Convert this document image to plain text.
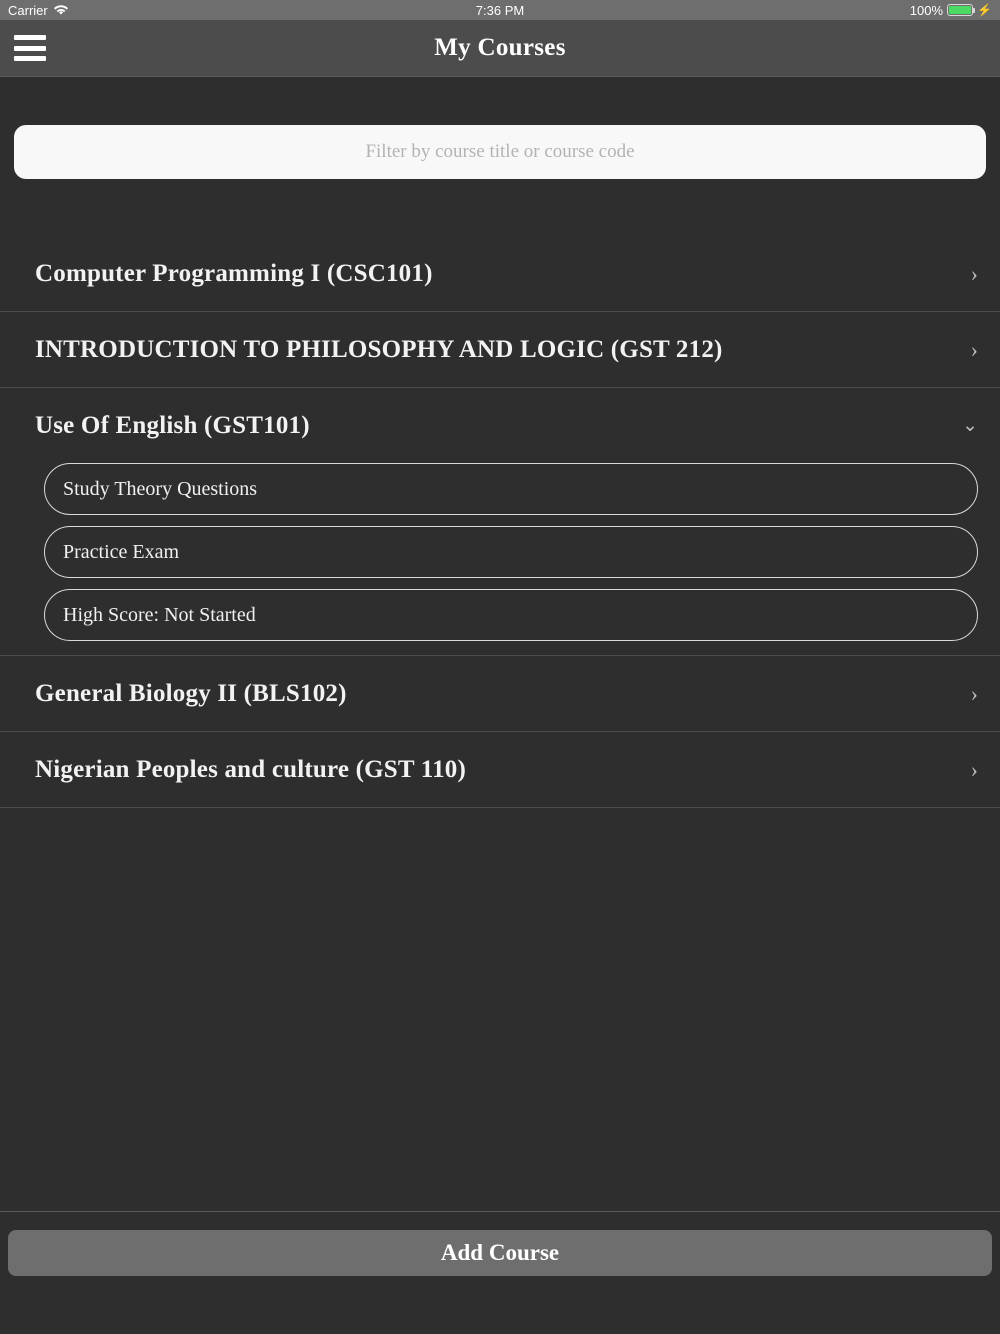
Carrier	7:36 PM	100%	⚡
My Courses
Filter by course title or course code
Computer Programming I (CSC101)	›
INTRODUCTION TO PHILOSOPHY AND LOGIC (GST 212)	›
Use Of English (GST101)	⌄
Study Theory Questions
Practice Exam
High Score: Not Started
General Biology II (BLS102)	›
Nigerian Peoples and culture (GST 110)	›
Add Course
